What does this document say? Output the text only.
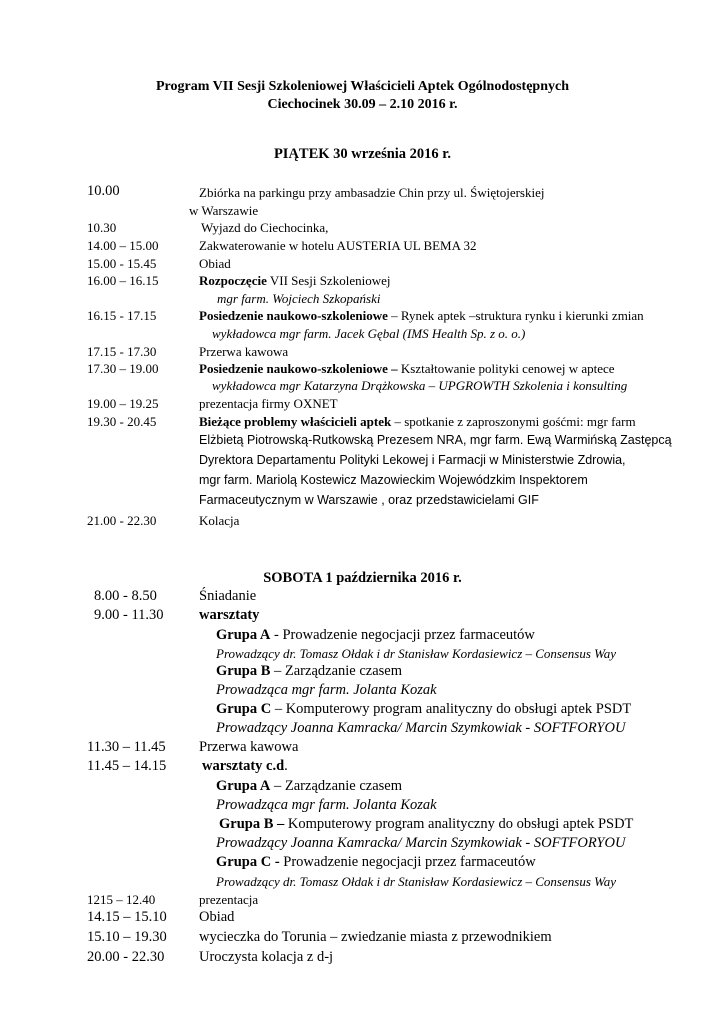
Program VII Sesji Szkoleniowej Właścicieli Aptek Ogólnodostępnych
Ciechocinek 30.09 – 2.10 2016 r.
PIĄTEK 30 września 2016 r.
10.00	Zbiórka na parkingu przy ambasadzie Chin przy ul. Świętojerskiej
w Warszawie
10.30	Wyjazd do Ciechocinka,
14.00 – 15.00	Zakwaterowanie w hotelu AUSTERIA UL BEMA 32
15.00 - 15.45	Obiad
16.00 – 16.15	Rozpoczęcie VII Sesji Szkoleniowej
mgr farm. Wojciech Szkopański
16.15 - 17.15	Posiedzenie naukowo-szkoleniowe – Rynek aptek –struktura rynku i kierunki zmian
wykładowca mgr farm. Jacek Gębal (IMS Health Sp. z o. o.)
17.15 - 17.30	Przerwa kawowa
17.30 – 19.00	Posiedzenie naukowo-szkoleniowe – Kształtowanie polityki cenowej w aptece
wykładowca mgr Katarzyna Drążkowska – UPGROWTH Szkolenia i konsulting
19.00 – 19.25	prezentacja firmy OXNET
19.30 - 20.45	Bieżące problemy właścicieli aptek – spotkanie z zaproszonymi gośćmi: mgr farm
Elżbietą Piotrowską-Rutkowską Prezesem NRA, mgr farm. Ewą Warmińską Zastępcą
Dyrektora Departamentu Polityki Lekowej i Farmacji w Ministerstwie Zdrowia,
mgr farm. Mariolą Kostewicz Mazowieckim Wojewódzkim Inspektorem
Farmaceutycznym w Warszawie , oraz przedstawicielami GIF
21.00 - 22.30	Kolacja
SOBOTA 1 października 2016 r.
8.00 - 8.50	Śniadanie
9.00 - 11.30 warsztaty
Grupa A - Prowadzenie negocjacji przez farmaceutów
Prowadzący dr. Tomasz Ołdak i dr Stanisław Kordasiewicz – Consensus Way
Grupa B – Zarządzanie czasem
Prowadząca mgr farm. Jolanta Kozak
Grupa C – Komputerowy program analityczny do obsługi aptek PSDT
Prowadzący Joanna Kamracka/ Marcin Szymkowiak - SOFTFORYOU
11.30 – 11.45 Przerwa kawowa
11.45 – 14.15 warsztaty c.d.
Grupa A – Zarządzanie czasem
Prowadząca mgr farm. Jolanta Kozak
Grupa B – Komputerowy program analityczny do obsługi aptek PSDT
Prowadzący Joanna Kamracka/ Marcin Szymkowiak - SOFTFORYOU
Grupa C - Prowadzenie negocjacji przez farmaceutów
Prowadzący dr. Tomasz Ołdak i dr Stanisław Kordasiewicz – Consensus Way
1215 – 12.40	prezentacja
14.15 – 15.10 Obiad
15.10 – 19.30 wycieczka do Torunia – zwiedzanie miasta z przewodnikiem
20.00 - 22.30 Uroczysta kolacja z d-j
